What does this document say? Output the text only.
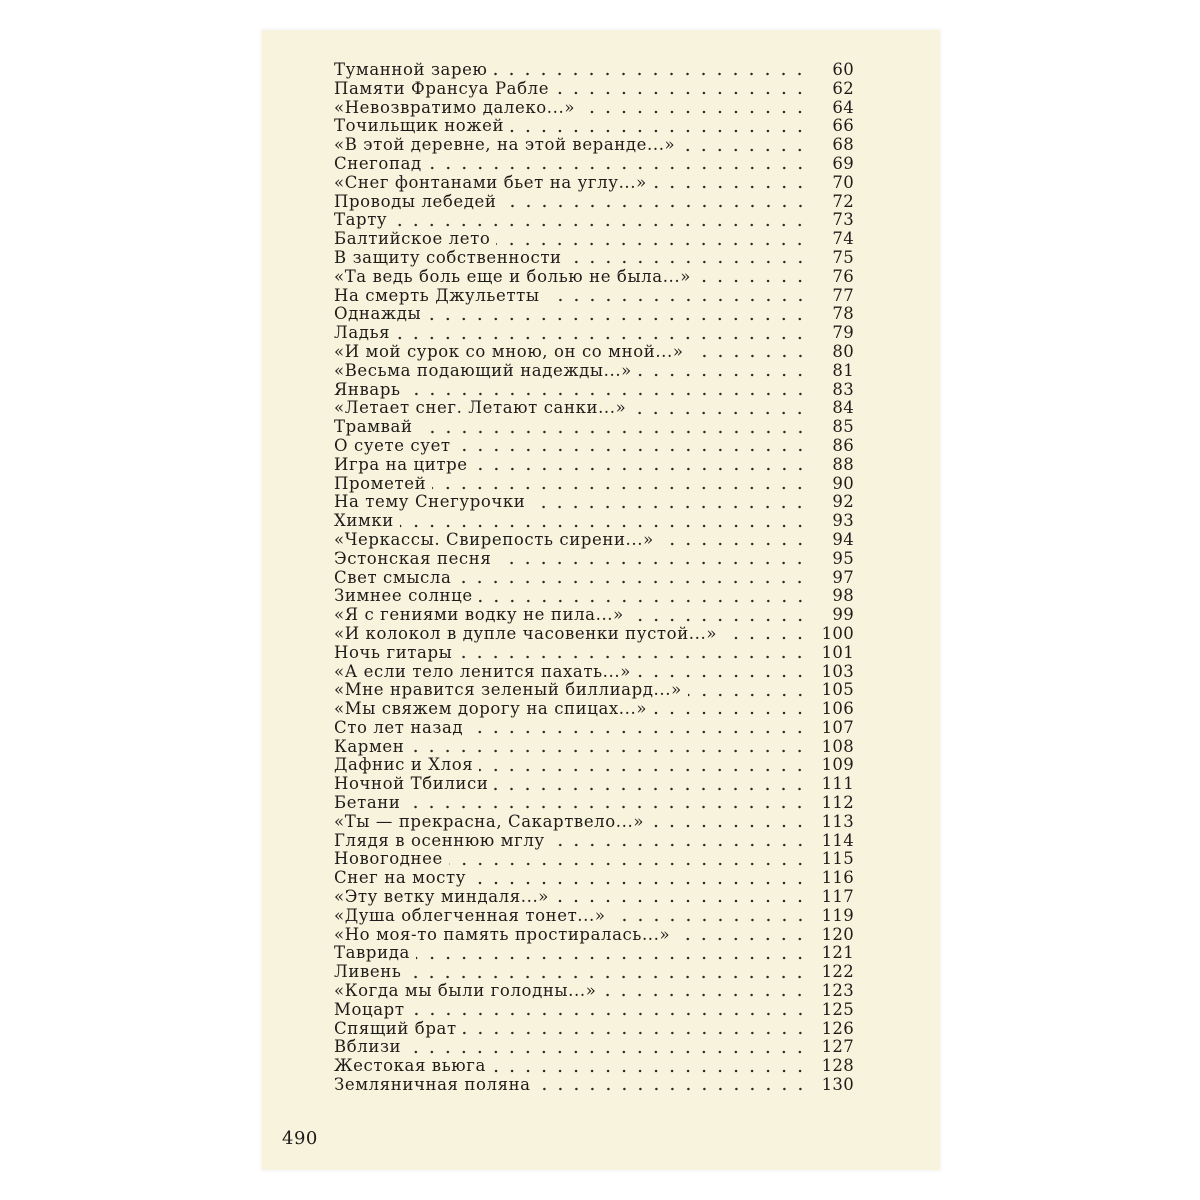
Туманной зарею	60
Памяти Франсуа Рабле	62
«Невозвратимо далеко...»	64
Точильщик ножей	66
«В этой деревне, на этой веранде...»	68
Снегопад	69
«Снег фонтанами бьет на углу...»	70
Проводы лебедей	72
Тарту	73
Балтийское лето	74
В защиту собственности	75
«Та ведь боль еще и болью не была...»	76
На смерть Джульетты	77
Однажды	78
Ладья	79
«И мой сурок со мною, он со мной...»	80
«Весьма подающий надежды...»	81
Январь	83
«Летает снег. Летают санки...»	84
Трамвай	85
О суете сует	86
Игра на цитре	88
Прометей	90
На тему Снегурочки	92
Химки	93
«Черкассы. Свирепость сирени...»	94
Эстонская песня	95
Свет смысла	97
Зимнее солнце	98
«Я с гениями водку не пила...»	99
«И колокол в дупле часовенки пустой...»	100
Ночь гитары	101
«А если тело ленится пахать...»	103
«Мне нравится зеленый биллиард...»	105
«Мы свяжем дорогу на спицах...»	106
Сто лет назад	107
Кармен	108
Дафнис и Хлоя	109
Ночной Тбилиси	111
Бетани	112
«Ты — прекрасна, Сакартвело...»	113
Глядя в осеннюю мглу	114
Новогоднее	115
Снег на мосту	116
«Эту ветку миндаля...»	117
«Душа облегченная тонет...»	119
«Но моя-то память простиралась...»	120
Таврида	121
Ливень	122
«Когда мы были голодны...»	123
Моцарт	125
Спящий брат	126
Вблизи	127
Жестокая вьюга	128
Земляничная поляна	130
490
